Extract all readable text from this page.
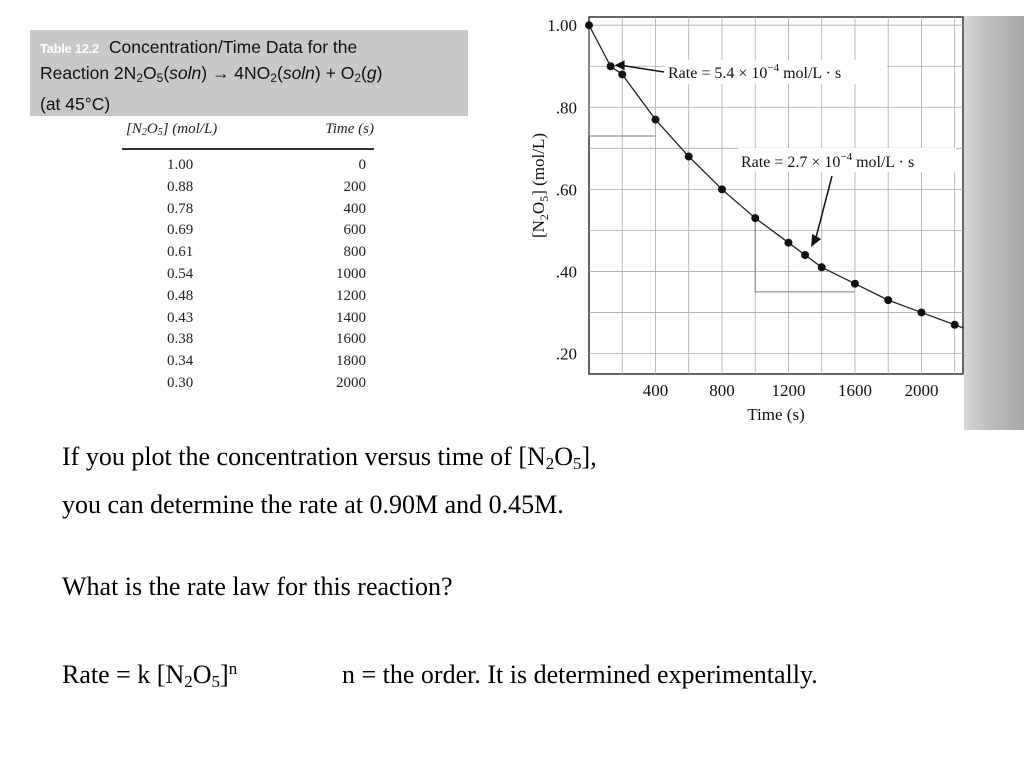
Table 12.2 Concentration/Time Data for the
Reaction $2N_2O_5(soln) \to 4NO_2(soln) + O_2(g)$
(at 45°C)
$[N_2O_5]$ (mol/L)	Time (s)
1.00	0
0.88	200
0.78	400
0.69	600
0.61	800
0.54	1000
0.48	1200
0.43	1400
0.38	1600
0.34	1800
0.30	2000
.20
.40
.60
.80
1.00
400 800 1200 1600 2000
Time (s)
$[N_2O_5]$ (mol/L)
Rate = $5.4 \times 10^{-4}$ mol/L · s
Rate = $2.7 \times 10^{-4}$ mol/L · s

If you plot the concentration versus time of $[N_2O_5]$,

you can determine the rate at 0.90M and 0.45M.

What is the rate law for this reaction?

Rate = k $[N_2O_5]^n$	n = the order. It is determined experimentally.
